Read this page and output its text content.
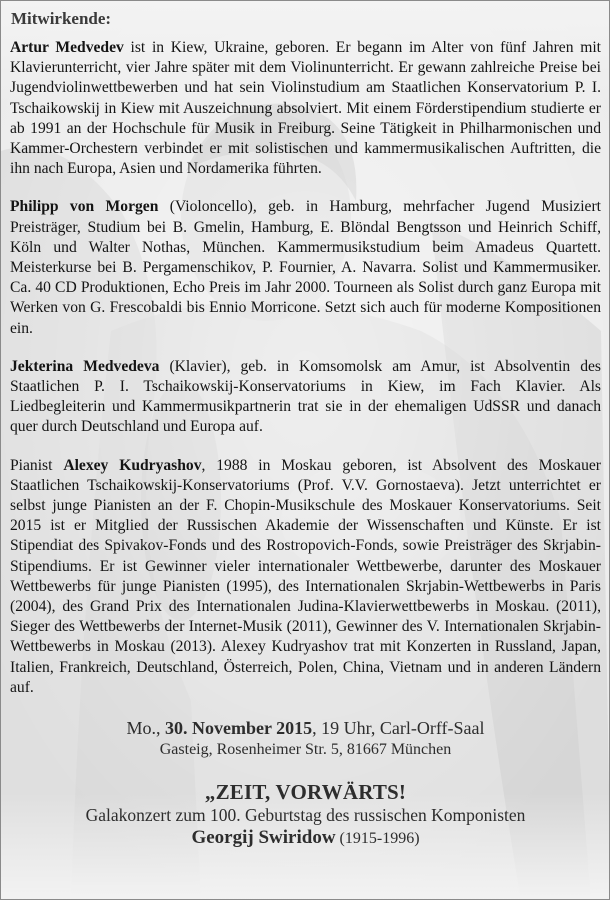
Mitwirkende:

Artur Medvedev ist in Kiew, Ukraine, geboren. Er begann im Alter von fünf Jahren mit Klavierunterricht, vier Jahre später mit dem Violinunterricht. Er gewann zahlreiche Preise bei Jugendviolinwettbewerben und hat sein Violinstudium am Staatlichen Konservatorium P. I. Tschaikowskij in Kiew mit Auszeichnung absolviert. Mit einem Förderstipendium studierte er ab 1991 an der Hochschule für Musik in Freiburg. Seine Tätigkeit in Philharmonischen und Kammer-Orchestern verbindet er mit solistischen und kammermusikalischen Auftritten, die ihn nach Europa, Asien und Nordamerika führten.

Philipp von Morgen (Violoncello), geb. in Hamburg, mehrfacher Jugend Musiziert Preisträger, Studium bei B. Gmelin, Hamburg, E. Blöndal Bengtsson und Heinrich Schiff, Köln und Walter Nothas, München. Kammermusikstudium beim Amadeus Quartett. Meisterkurse bei B. Pergamenschikov, P. Fournier, A. Navarra. Solist und Kammermusiker. Ca. 40 CD Produktionen, Echo Preis im Jahr 2000. Tourneen als Solist durch ganz Europa mit Werken von G. Frescobaldi bis Ennio Morricone. Setzt sich auch für moderne Kompositionen ein.

Jekterina Medvedeva (Klavier), geb. in Komsomolsk am Amur, ist Absolventin des Staatlichen P. I. Tschaikowskij-Konservatoriums in Kiew, im Fach Klavier. Als Liedbegleiterin und Kammermusikpartnerin trat sie in der ehemaligen UdSSR und danach quer durch Deutschland und Europa auf.

Pianist Alexey Kudryashov, 1988 in Moskau geboren, ist Absolvent des Moskauer Staatlichen Tschaikowskij-Konservatoriums (Prof. V.V. Gornostaeva). Jetzt unterrichtet er selbst junge Pianisten an der F. Chopin-Musikschule des Moskauer Konservatoriums. Seit 2015 ist er Mitglied der Russischen Akademie der Wissenschaften und Künste. Er ist Stipendiat des Spivakov-Fonds und des Rostropovich-Fonds, sowie Preisträger des Skrjabin-Stipendiums. Er ist Gewinner vieler internationaler Wettbewerbe, darunter des Moskauer Wettbewerbs für junge Pianisten (1995), des Internationalen Skrjabin-Wettbewerbs in Paris (2004), des Grand Prix des Internationalen Judina-Klavierwettbewerbs in Moskau. (2011), Sieger des Wettbewerbs der Internet-Musik (2011), Gewinner des V. Internationalen Skrjabin-Wettbewerbs in Moskau (2013). Alexey Kudryashov trat mit Konzerten in Russland, Japan, Italien, Frankreich, Deutschland, Österreich, Polen, China, Vietnam und in anderen Ländern auf.

Mo., 30. November 2015, 19 Uhr, Carl-Orff-Saal
Gasteig, Rosenheimer Str. 5, 81667 München
„ZEIT, VORWÄRTS!
Galakonzert zum 100. Geburtstag des russischen Komponisten
Georgij Swiridow (1915-1996)
